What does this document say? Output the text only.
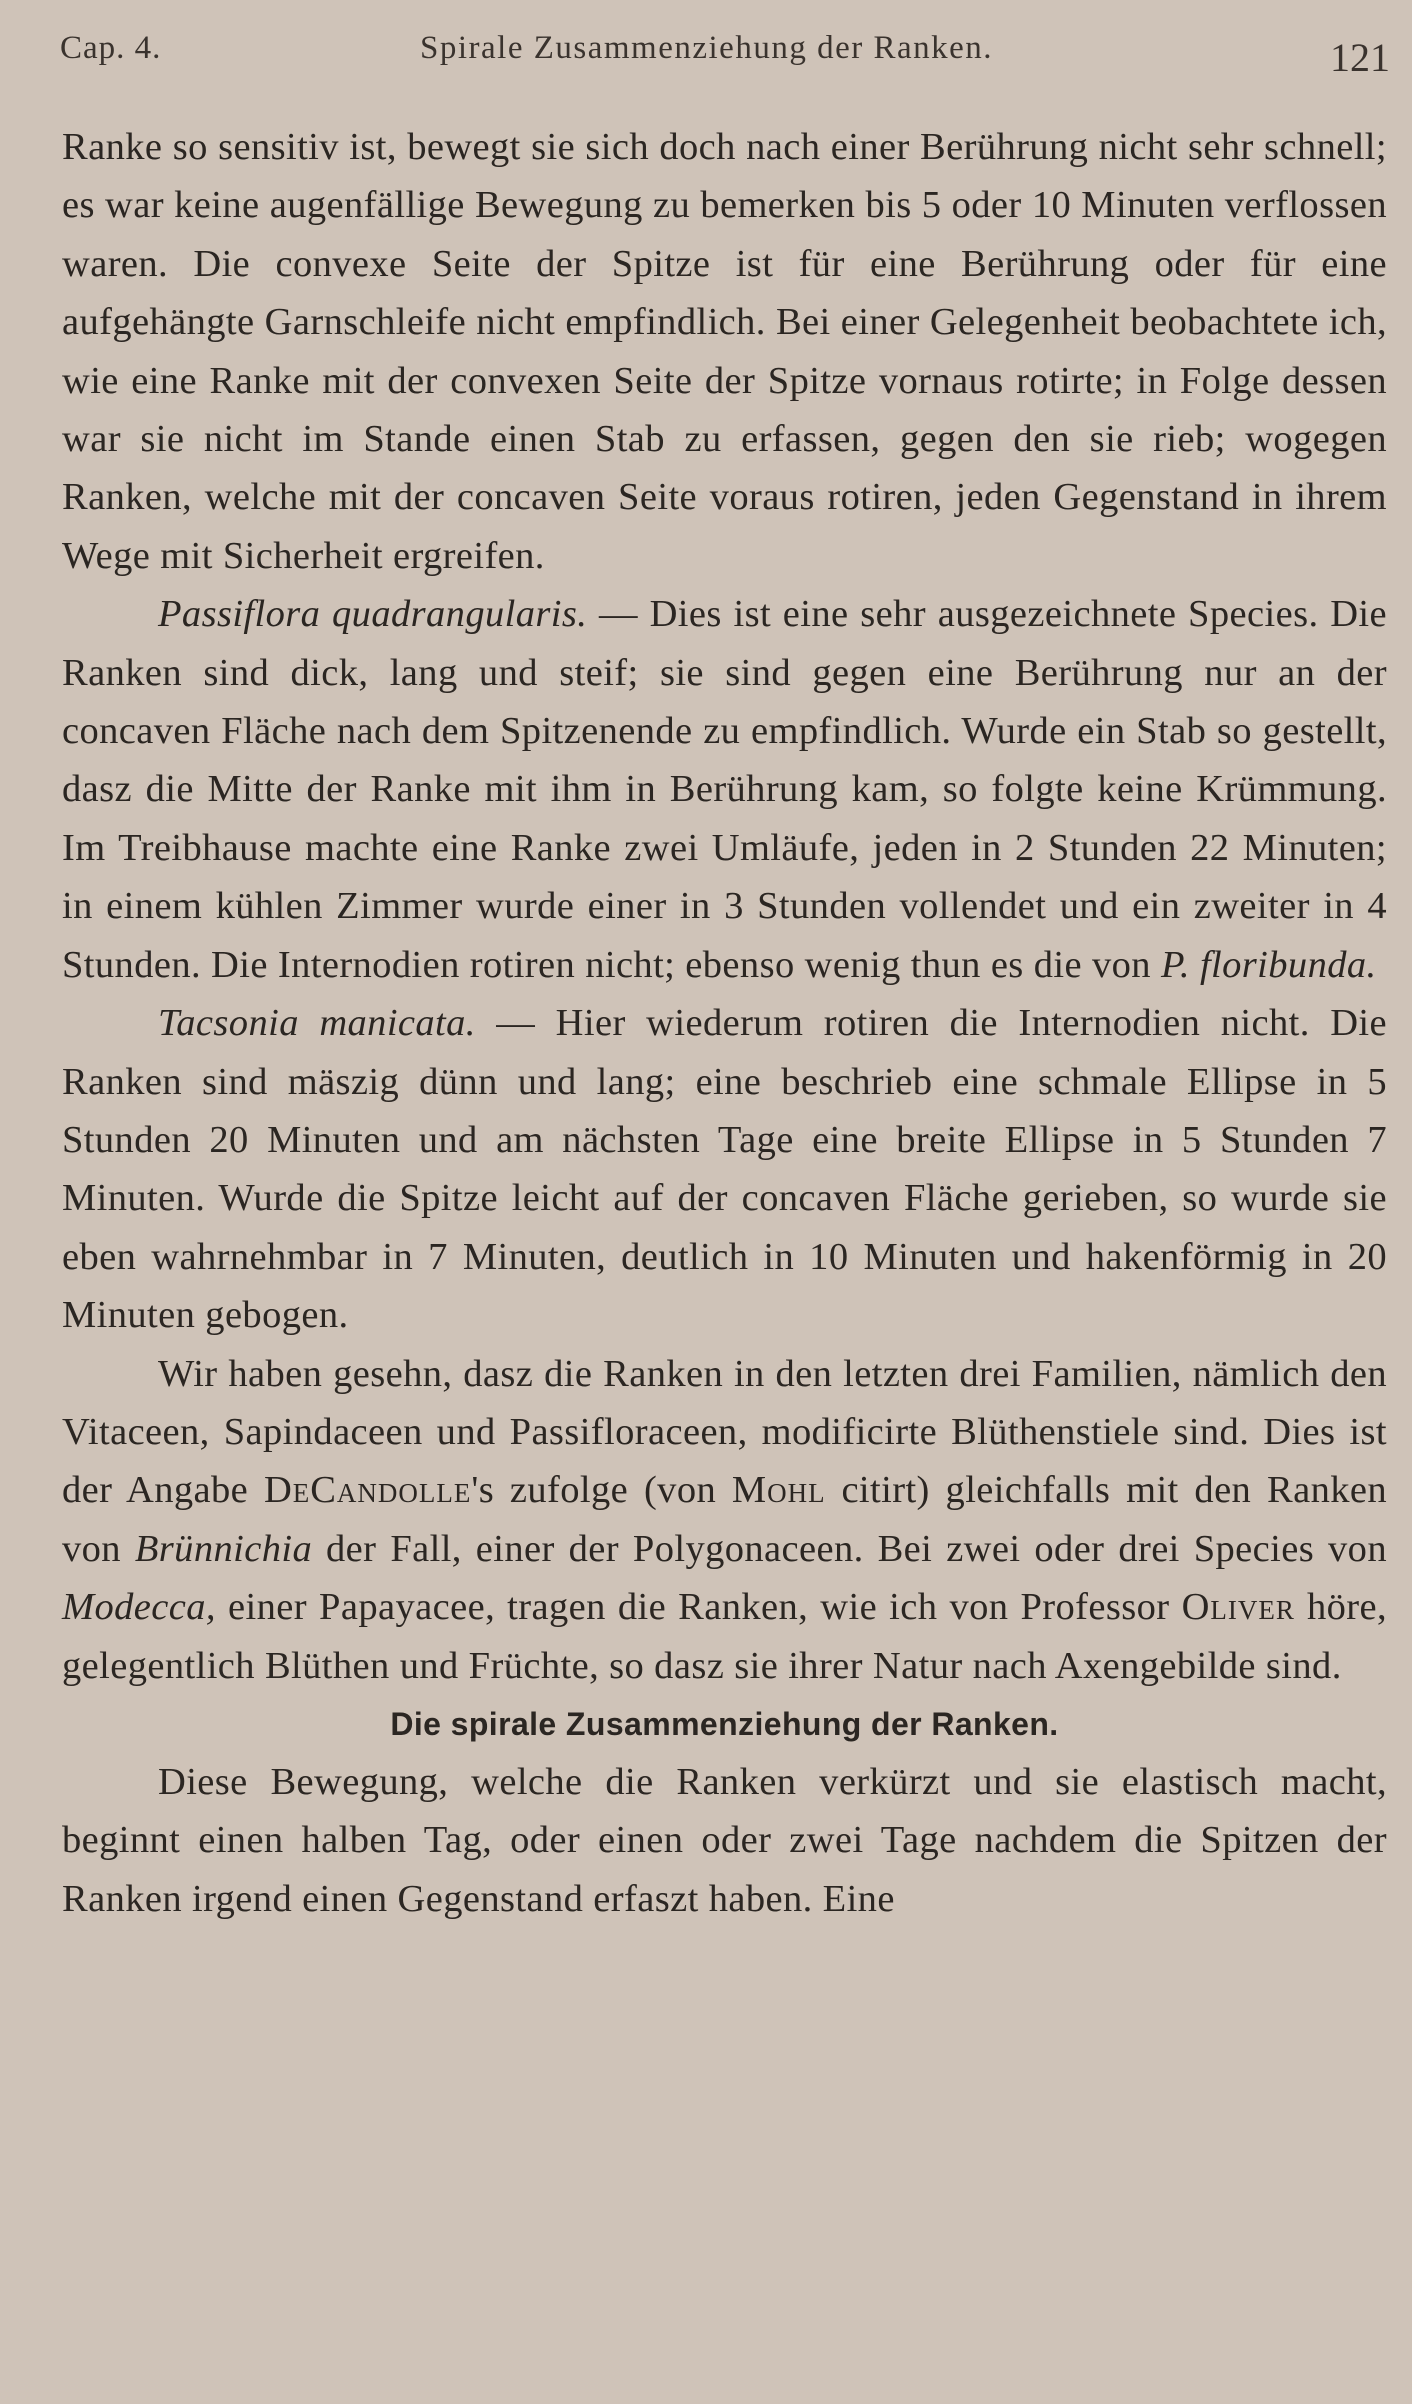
Cap. 4.	Spirale Zusammenziehung der Ranken.	121

Ranke so sensitiv ist, bewegt sie sich doch nach einer Berührung nicht sehr schnell; es war keine augenfällige Bewegung zu bemerken bis 5 oder 10 Minuten verflossen waren. Die convexe Seite der Spitze ist für eine Berührung oder für eine aufgehängte Garnschleife nicht empfindlich. Bei einer Gelegenheit beobachtete ich, wie eine Ranke mit der convexen Seite der Spitze vornaus rotirte; in Folge dessen war sie nicht im Stande einen Stab zu erfassen, gegen den sie rieb; wogegen Ranken, welche mit der concaven Seite voraus rotiren, jeden Gegenstand in ihrem Wege mit Sicherheit ergreifen.

Passiflora quadrangularis. — Dies ist eine sehr ausgezeichnete Species. Die Ranken sind dick, lang und steif; sie sind gegen eine Berührung nur an der concaven Fläche nach dem Spitzenende zu empfindlich. Wurde ein Stab so gestellt, dasz die Mitte der Ranke mit ihm in Berührung kam, so folgte keine Krümmung. Im Treibhause machte eine Ranke zwei Umläufe, jeden in 2 Stunden 22 Minuten; in einem kühlen Zimmer wurde einer in 3 Stunden vollendet und ein zweiter in 4 Stunden. Die Internodien rotiren nicht; ebenso wenig thun es die von P. floribunda.

Tacsonia manicata. — Hier wiederum rotiren die Internodien nicht. Die Ranken sind mäszig dünn und lang; eine beschrieb eine schmale Ellipse in 5 Stunden 20 Minuten und am nächsten Tage eine breite Ellipse in 5 Stunden 7 Minuten. Wurde die Spitze leicht auf der concaven Fläche gerieben, so wurde sie eben wahrnehmbar in 7 Minuten, deutlich in 10 Minuten und hakenförmig in 20 Minuten gebogen.

Wir haben gesehn, dasz die Ranken in den letzten drei Familien, nämlich den Vitaceen, Sapindaceen und Passifloraceen, modificirte Blüthenstiele sind. Dies ist der Angabe DeCandolle's zufolge (von Mohl citirt) gleichfalls mit den Ranken von Brünnichia der Fall, einer der Polygonaceen. Bei zwei oder drei Species von Modecca, einer Papayacee, tragen die Ranken, wie ich von Professor Oliver höre, gelegentlich Blüthen und Früchte, so dasz sie ihrer Natur nach Axengebilde sind.

Die spirale Zusammenziehung der Ranken.

Diese Bewegung, welche die Ranken verkürzt und sie elastisch macht, beginnt einen halben Tag, oder einen oder zwei Tage nachdem die Spitzen der Ranken irgend einen Gegenstand erfaszt haben. Eine
